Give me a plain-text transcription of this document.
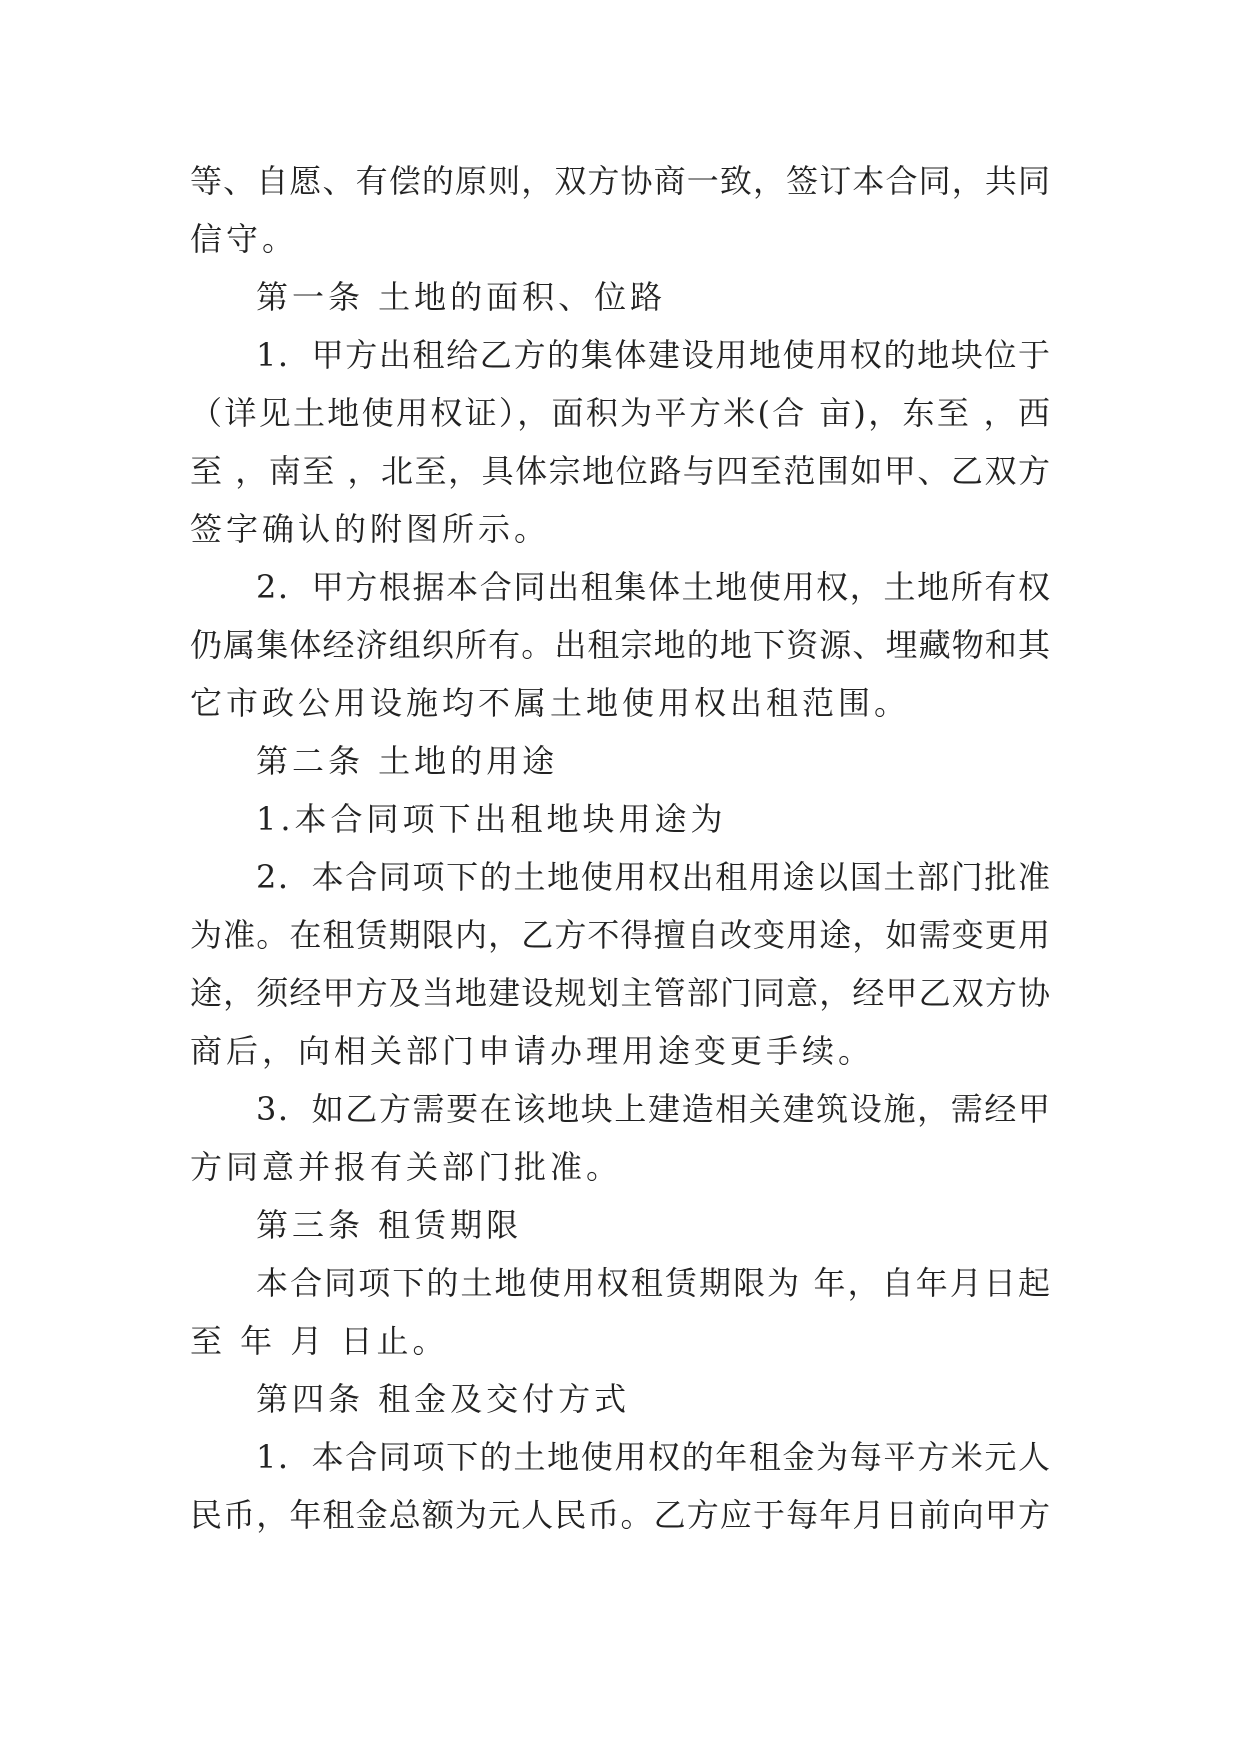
等、自愿、有偿的原则，双方协商一致，签订本合同，共同
信守。
第一条 土地的面积、位路
1．甲方出租给乙方的集体建设用地使用权的地块位于
（详见土地使用权证），面积为平方米(合 亩)，东至 ，西
至 ，南至 ，北至，具体宗地位路与四至范围如甲、乙双方
签字确认的附图所示。
2．甲方根据本合同出租集体土地使用权，土地所有权
仍属集体经济组织所有。出租宗地的地下资源、埋藏物和其
它市政公用设施均不属土地使用权出租范围。
第二条 土地的用途
1.本合同项下出租地块用途为
2．本合同项下的土地使用权出租用途以国土部门批准
为准。在租赁期限内，乙方不得擅自改变用途，如需变更用
途，须经甲方及当地建设规划主管部门同意，经甲乙双方协
商后，向相关部门申请办理用途变更手续。
3．如乙方需要在该地块上建造相关建筑设施，需经甲
方同意并报有关部门批准。
第三条 租赁期限
本合同项下的土地使用权租赁期限为 年，自年月日起
至 年 月 日止。
第四条 租金及交付方式
1．本合同项下的土地使用权的年租金为每平方米元人
民币，年租金总额为元人民币。乙方应于每年月日前向甲方
